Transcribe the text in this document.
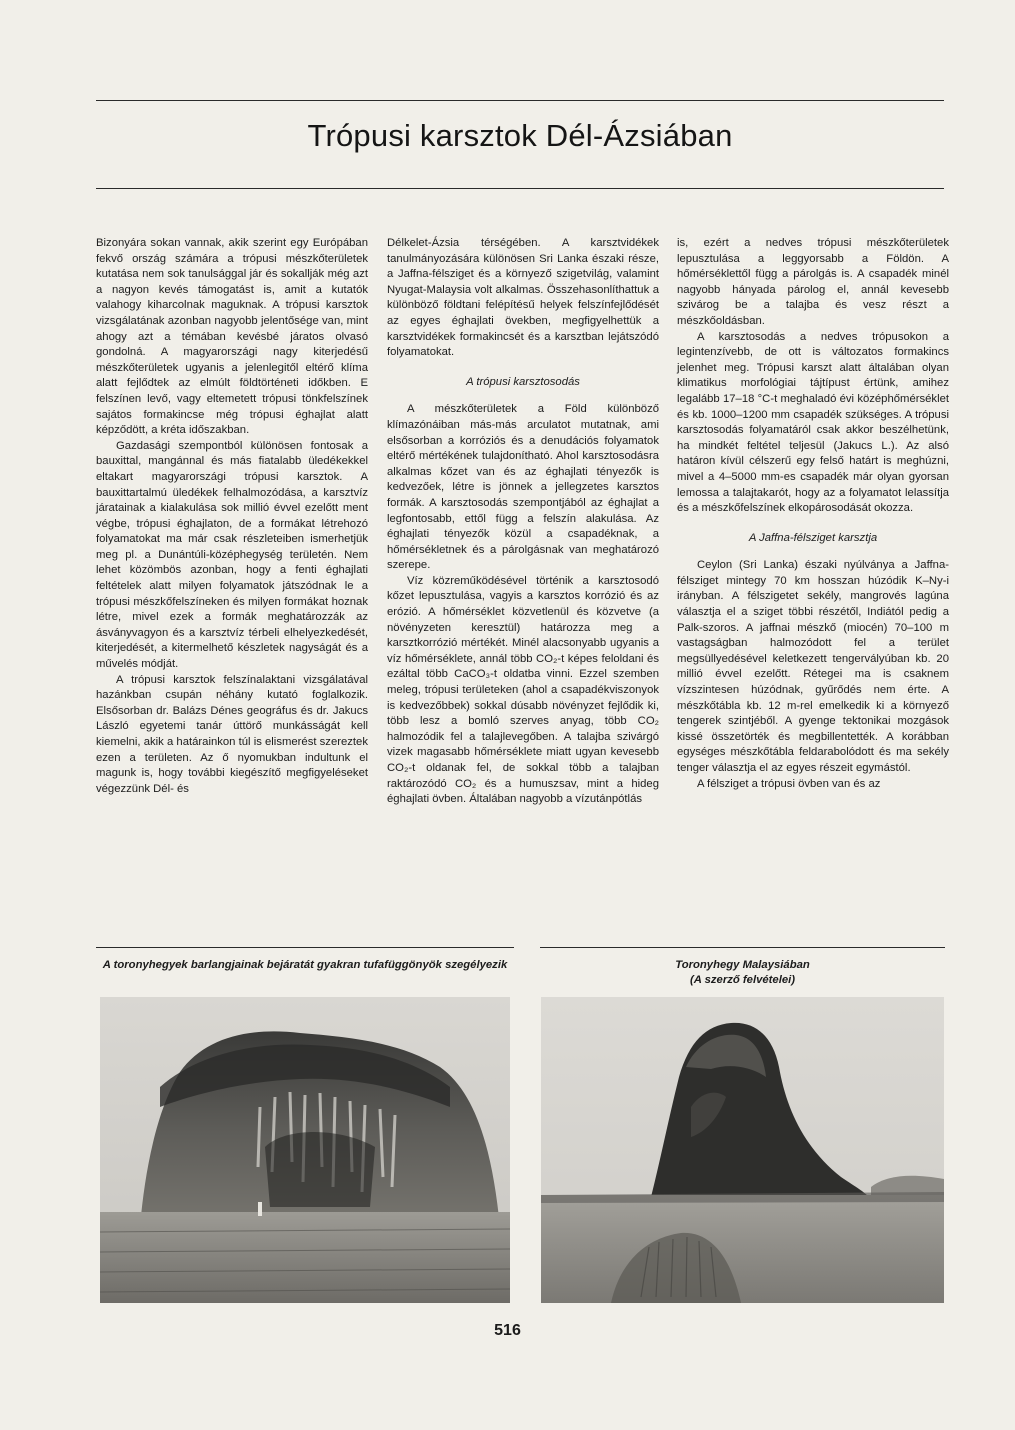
Trópusi karsztok Dél-Ázsiában

Bizonyára sokan vannak, akik szerint egy Európában fekvő ország számára a trópusi mészkőterületek kutatása nem sok tanulsággal jár és sokallják még azt a nagyon kevés támogatást is, amit a kutatók valahogy kiharcolnak maguknak. A trópusi karsztok vizsgálatának azonban nagyobb jelentősége van, mint ahogy azt a témában kevésbé járatos olvasó gondolná. A magyarországi nagy kiterjedésű mészkőterületek ugyanis a jelenlegitől eltérő klíma alatt fejlődtek az elmúlt földtörténeti időkben. E felszínen levő, vagy eltemetett trópusi tönkfelszínek sajátos formakincse még trópusi éghajlat alatt képződött, a kréta időszakban.

Gazdasági szempontból különösen fontosak a bauxittal, mangánnal és más fiatalabb üledékekkel eltakart magyarországi trópusi karsztok. A bauxittartalmú üledékek felhalmozódása, a karsztvíz járatainak a kialakulása sok millió évvel ezelőtt ment végbe, trópusi éghajlaton, de a formákat létrehozó folyamatokat ma már csak részleteiben ismerhetjük meg pl. a Dunántúli-középhegység területén. Nem lehet közömbös azonban, hogy a fenti éghajlati feltételek alatt milyen folyamatok játszódnak le a trópusi mészkőfelszíneken és milyen formákat hoznak létre, mivel ezek a formák meghatározzák az ásványvagyon és a karsztvíz térbeli elhelyezkedését, kiterjedését, a kitermelhető készletek nagyságát és a művelés módját.

A trópusi karsztok felszínalaktani vizsgálatával hazánkban csupán néhány kutató foglalkozik. Elsősorban dr. Balázs Dénes geográfus és dr. Jakucs László egyetemi tanár úttörő munkásságát kell kiemelni, akik a határainkon túl is elismerést szereztek ezen a területen. Az ő nyomukban indultunk el magunk is, hogy további kiegészítő megfigyeléseket végezzünk Dél- és

Délkelet-Ázsia térségében. A karsztvidékek tanulmányozására különösen Sri Lanka északi része, a Jaffna-félsziget és a környező szigetvilág, valamint Nyugat-Malaysia volt alkalmas. Összehasonlíthattuk a különböző földtani felépítésű helyek felszínfejlődését az egyes éghajlati övekben, megfigyelhettük a karsztvidékek formakincsét és a karsztban lejátszódó folyamatokat.

A trópusi karsztosodás

A mészkőterületek a Föld különböző klímazónáiban más-más arculatot mutatnak, ami elsősorban a korróziós és a denudációs folyamatok eltérő mértékének tulajdonítható. Ahol karsztosodásra alkalmas kőzet van és az éghajlati tényezők is kedvezőek, létre is jönnek a jellegzetes karsztos formák. A karsztosodás szempontjából az éghajlat a legfontosabb, ettől függ a felszín alakulása. Az éghajlati tényezők közül a csapadéknak, a hőmérsékletnek és a párolgásnak van meghatározó szerepe.

Víz közreműködésével történik a karsztosodó kőzet lepusztulása, vagyis a karsztos korrózió és az erózió. A hőmérséklet közvetlenül és közvetve (a növényzeten keresztül) határozza meg a karsztkorrózió mértékét. Minél alacsonyabb ugyanis a víz hőmérséklete, annál több CO₂-t képes feloldani és ezáltal több CaCO₃-t oldatba vinni. Ezzel szemben meleg, trópusi területeken (ahol a csapadékviszonyok is kedvezőbbek) sokkal dúsabb növényzet fejlődik ki, több lesz a bomló szerves anyag, több CO₂ halmozódik fel a talajlevegőben. A talajba szivárgó vizek magasabb hőmérséklete miatt ugyan kevesebb CO₂-t oldanak fel, de sokkal több a talajban raktározódó CO₂ és a humuszsav, mint a hideg éghajlati övben. Általában nagyobb a vízutánpótlás

is, ezért a nedves trópusi mészkőterületek lepusztulása a leggyorsabb a Földön. A hőmérséklettől függ a párolgás is. A csapadék minél nagyobb hányada párolog el, annál kevesebb szivárog be a talajba és vesz részt a mészkőoldásban.

A karsztosodás a nedves trópusokon a legintenzívebb, de ott is változatos formakincs jelenhet meg. Trópusi karszt alatt általában olyan klimatikus morfológiai tájtípust értünk, amihez legalább 17–18 °C-t meghaladó évi középhőmérséklet és kb. 1000–1200 mm csapadék szükséges. A trópusi karsztosodás folyamatáról csak akkor beszélhetünk, ha mindkét feltétel teljesül (Jakucs L.). Az alsó határon kívül célszerű egy felső határt is meghúzni, mivel a 4–5000 mm-es csapadék már olyan gyorsan lemossa a talajtakarót, hogy az a folyamatot lelassítja és a mészkőfelszínek elkopárosodását okozza.

A Jaffna-félsziget karsztja

Ceylon (Sri Lanka) északi nyúlványa a Jaffna-félsziget mintegy 70 km hosszan húzódik K–Ny-i irányban. A félszigetet sekély, mangrovés lagúna választja el a sziget többi részétől, Indiától pedig a Palk-szoros. A jaffnai mészkő (miocén) 70–100 m vastagságban halmozódott fel a terület megsüllyedésével keletkezett tengervályúban kb. 20 millió évvel ezelőtt. Rétegei ma is csaknem vízszintesen húzódnak, gyűrődés nem érte. A mészkőtábla kb. 12 m-rel emelkedik ki a környező tengerek szintjéből. A gyenge tektonikai mozgások kissé összetörték és megbillentették. A korábban egységes mészkőtábla feldarabolódott és ma sekély tenger választja el az egyes részeit egymástól.

A félsziget a trópusi övben van és az

A toronyhegyek barlangjainak bejáratát gyakran tufafüggönyök szegélyezik	Toronyhegy Malaysiában
(A szerző felvételei)
516
